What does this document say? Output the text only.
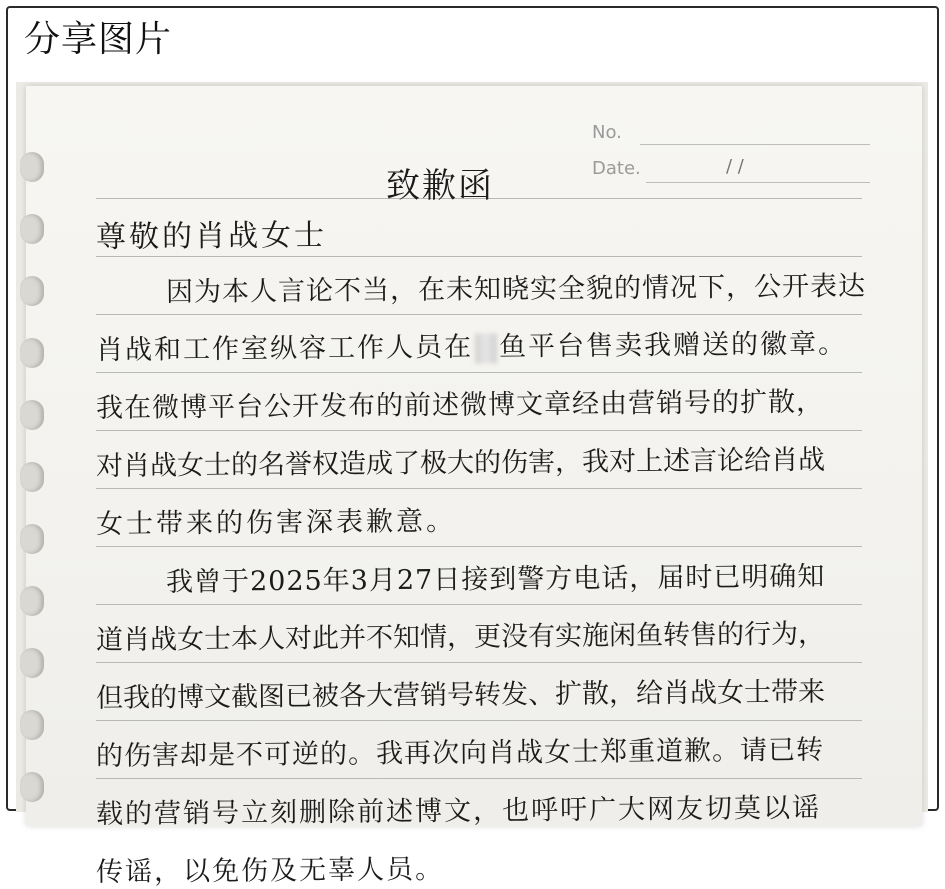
分享图片
No.
Date.	/ /
致歉函
尊敬的肖战女士
因为本人言论不当，在未知晓实全貌的情况下，公开表达
肖战和工作室纵容工作人员在 鱼平台售卖我赠送的徽章。
我在微博平台公开发布的前述微博文章经由营销号的扩散，
对肖战女士的名誉权造成了极大的伤害，我对上述言论给肖战
女士带来的伤害深表歉意。
我曾于2025年3月27日接到警方电话，届时已明确知
道肖战女士本人对此并不知情，更没有实施闲鱼转售的行为，
但我的博文截图已被各大营销号转发、扩散，给肖战女士带来
的伤害却是不可逆的。我再次向肖战女士郑重道歉。请已转
载的营销号立刻删除前述博文，也呼吁广大网友切莫以谣
传谣，以免伤及无辜人员。
